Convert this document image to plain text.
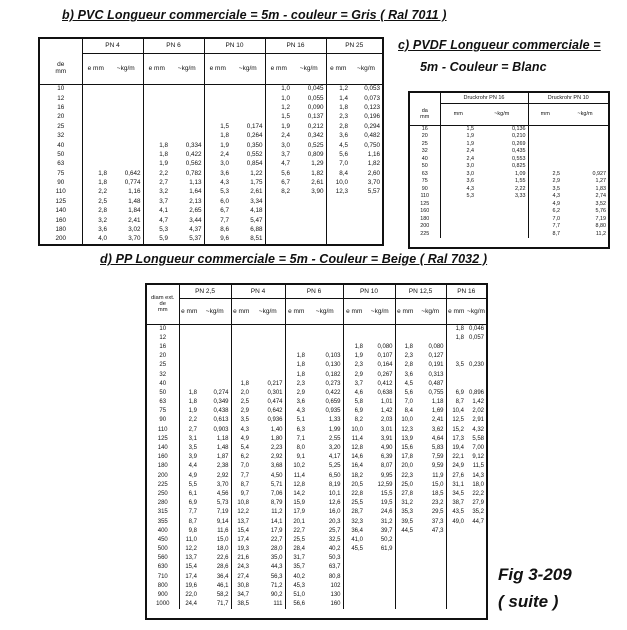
b) PVC Longueur commerciale = 5m - couleur = Gris ( Ral 7011 )
c) PVDF Longueur commerciale =
5m - Couleur = Blanc
d) PP Longueur commerciale = 5m - Couleur = Beige ( Ral 7032 )
	PN 4		PN 6		PN 10		PN 16		PN 25	

de
mm	e mm	~kg/m	e mm	~kg/m	e mm	~kg/m	e mm	~kg/m	e mm	~kg/m
10							1,0	0,045	1,2	0,053
12							1,0	0,055	1,4	0,073
16							1,2	0,090	1,8	0,123
20							1,5	0,137	2,3	0,196
25					1,5	0,174	1,9	0,212	2,8	0,294
32					1,8	0,264	2,4	0,342	3,6	0,482
40			1,8	0,334	1,9	0,350	3,0	0,525	4,5	0,750
50			1,8	0,422	2,4	0,552	3,7	0,809	5,6	1,16
63			1,9	0,562	3,0	0,854	4,7	1,29	7,0	1,82
75	1,8	0,642	2,2	0,782	3,6	1,22	5,6	1,82	8,4	2,60
90	1,8	0,774	2,7	1,13	4,3	1,75	6,7	2,61	10,0	3,70
110	2,2	1,16	3,2	1,64	5,3	2,61	8,2	3,90	12,3	5,57
125	2,5	1,48	3,7	2,13	6,0	3,34				
140	2,8	1,84	4,1	2,65	6,7	4,18				
160	3,2	2,41	4,7	3,44	7,7	5,47				
180	3,6	3,02	5,3	4,37	8,6	6,88				
200	4,0	3,70	5,9	5,37	9,6	8,51				
	Druckrohr PN 16		Druckrohr PN 10	

da
mm	mm	~kg/m	mm	~kg/m
16	1,5	0,136		
20	1,9	0,210		
25	1,9	0,269		
32	2,4	0,435		
40	2,4	0,553		
50	3,0	0,825		
63	3,0	1,09	2,5	0,927
75	3,6	1,55	2,9	1,27
90	4,3	2,22	3,5	1,83
110	5,3	3,33	4,3	2,74
125			4,9	3,52
160			6,2	5,76
180			7,0	7,19
200			7,7	8,80
225			8,7	11,2
diam ext.
de
mm	PN 2,5		PN 4		PN 6		PN 10		PN 12,5		PN 16	
	e mm	~kg/m	e mm	~kg/m	e mm	~kg/m	e mm	~kg/m	e mm	~kg/m	e mm	~kg/m
10											1,8	0,046
12											1,8	0,057
16							1,8	0,080	1,8	0,080		
20					1,8	0,103	1,9	0,107	2,3	0,127		
25					1,8	0,130	2,3	0,164	2,8	0,191	3,5	0,230
32					1,8	0,182	2,9	0,267	3,6	0,313		
40			1,8	0,217	2,3	0,273	3,7	0,412	4,5	0,487		
50	1,8	0,274	2,0	0,301	2,9	0,422	4,6	0,638	5,6	0,755	6,9	0,896
63	1,8	0,349	2,5	0,474	3,6	0,659	5,8	1,01	7,0	1,18	8,7	1,42
75	1,9	0,438	2,9	0,642	4,3	0,935	6,9	1,42	8,4	1,69	10,4	2,02
90	2,2	0,613	3,5	0,936	5,1	1,33	8,2	2,03	10,0	2,41	12,5	2,91
110	2,7	0,903	4,3	1,40	6,3	1,99	10,0	3,01	12,3	3,62	15,2	4,32
125	3,1	1,18	4,9	1,80	7,1	2,55	11,4	3,91	13,9	4,64	17,3	5,58
140	3,5	1,48	5,4	2,23	8,0	3,20	12,8	4,90	15,6	5,83	19,4	7,00
160	3,9	1,87	6,2	2,92	9,1	4,17	14,6	6,39	17,8	7,59	22,1	9,12
180	4,4	2,38	7,0	3,68	10,2	5,25	16,4	8,07	20,0	9,59	24,9	11,5
200	4,9	2,92	7,7	4,50	11,4	6,50	18,2	9,95	22,3	11,9	27,6	14,3
225	5,5	3,70	8,7	5,71	12,8	8,19	20,5	12,59	25,0	15,0	31,1	18,0
250	6,1	4,56	9,7	7,06	14,2	10,1	22,8	15,5	27,8	18,5	34,5	22,2
280	6,9	5,73	10,8	8,79	15,9	12,6	25,5	19,5	31,2	23,2	38,7	27,9
315	7,7	7,19	12,2	11,2	17,9	16,0	28,7	24,6	35,3	29,5	43,5	35,2
355	8,7	9,14	13,7	14,1	20,1	20,3	32,3	31,2	39,5	37,3	49,0	44,7
400	9,8	11,6	15,4	17,9	22,7	25,7	36,4	39,7	44,5	47,3		
450	11,0	15,0	17,4	22,7	25,5	32,5	41,0	50,2				
500	12,2	18,0	19,3	28,0	28,4	40,2	45,5	61,9				
560	13,7	22,6	21,6	35,0	31,7	50,3						
630	15,4	28,6	24,3	44,3	35,7	63,7						
710	17,4	36,4	27,4	56,3	40,2	80,8						
800	19,6	46,1	30,8	71,2	45,3	102						
900	22,0	58,2	34,7	90,2	51,0	130						
1000	24,4	71,7	38,5	111	56,6	160						
Fig 3-209
( suite )
